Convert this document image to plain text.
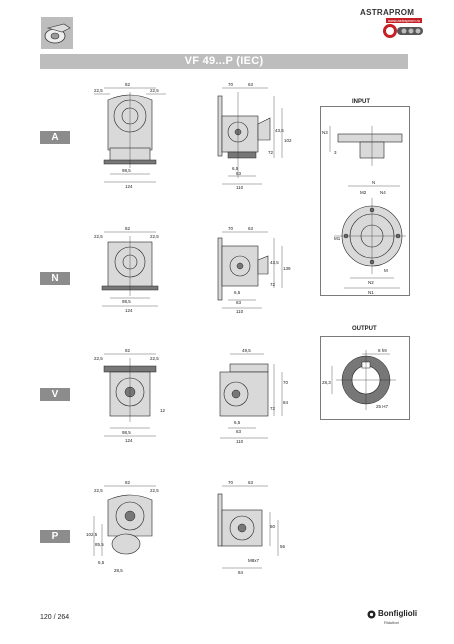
ASTRAPROM
www.astraprom.ru
VF 49...P (IEC)
A
N
V
P
82
22,5	22,5
98,5
124
70	63
43,5
102
72
6,5
63
110
82
22,5	22,5
98,5
124
70	63
43,5
139
72
6,5
63
110
82
22,5	22,5
12
98,5
124
49,5
70
84
72
6,5
63
110
82
22,5	22,5
102,5
85,5
6,5
28,5
70	63
60
56
M8x7
84
INPUT
N3
3
N
M2	N4
M1
M
N2
N1
OUTPUT
8 h9
28,3
25 H7
120 / 264	Bonfiglioli
Riduttori
